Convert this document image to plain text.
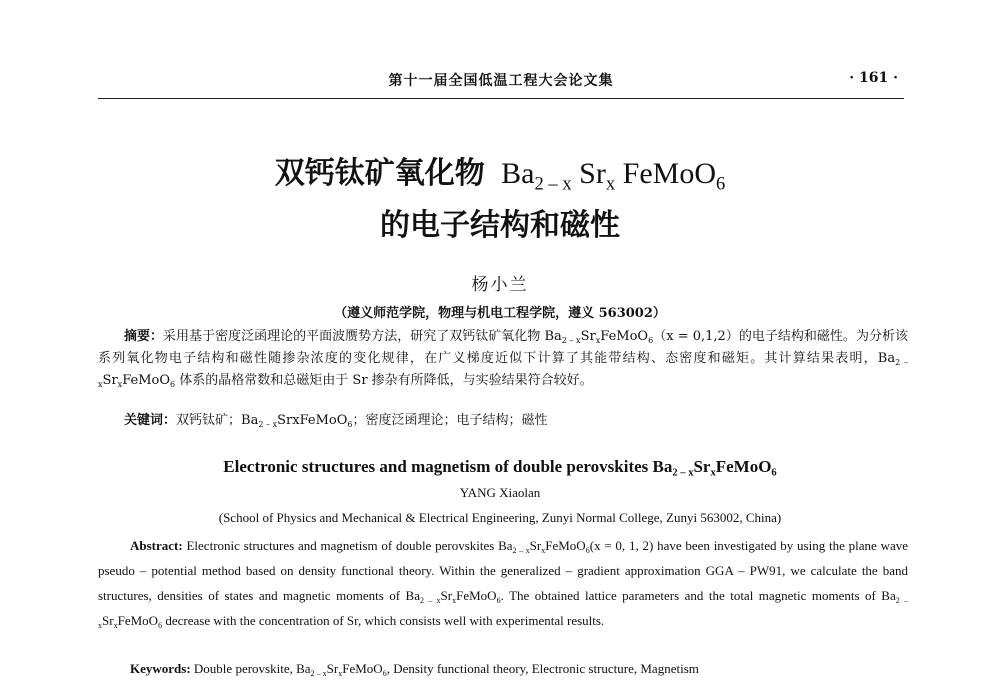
第十一届全国低温工程大会论文集	· 161 ·
双钙钛矿氧化物 $Ba_{2 - x}$ $Sr_x$ FeMoO$_6$
的电子结构和磁性
杨小兰
（遵义师范学院，物理与机电工程学院，遵义 563002）
摘要：采用基于密度泛函理论的平面波赝势方法，研究了双钙钛矿氧化物 $Ba_{2 - x}Sr_xFeMoO_6(x = 0,1,2)$的电子结构和磁性。为分析该系列氧化物电子结构和磁性随掺杂浓度的变化规律，在广义梯度近似下计算了其能带结构、态密度和磁矩。其计算结果表明，$Ba_{2 - x}Sr_xFeMoO_6$ 体系的晶格常数和总磁矩由于 Sr 掺杂有所降低，与实验结果符合较好。
关键词：双钙钛矿；$Ba_{2 - x}SrxFeMoO_6$；密度泛函理论；电子结构；磁性
Electronic structures and magnetism of double perovskites $Ba_{2 - x}Sr_xFeMoO_6$
YANG Xiaolan
(School of Physics and Mechanical & Electrical Engineering, Zunyi Normal College, Zunyi 563002, China)
Abstract: Electronic structures and magnetism of double perovskites $Ba_{2 - x}Sr_xFeMoO_6(x = 0$, 1, 2) have been investigated by using the plane wave pseudo – potential method based on density functional theory. Within the generalized – gradient approximation GGA – PW91, we calculate the band structures, densities of states and magnetic moments of $Ba_{2 - x}Sr_xFeMoO_6$. The obtained lattice parameters and the total magnetic moments of $Ba_{2 - x}Sr_xFeMoO_6$ decrease with the concentration of Sr, which consists well with experimental results.
Keywords: Double perovskite, $Ba_{2 - x}Sr_xFeMoO_6$, Density functional theory, Electronic structure, Magnetism
